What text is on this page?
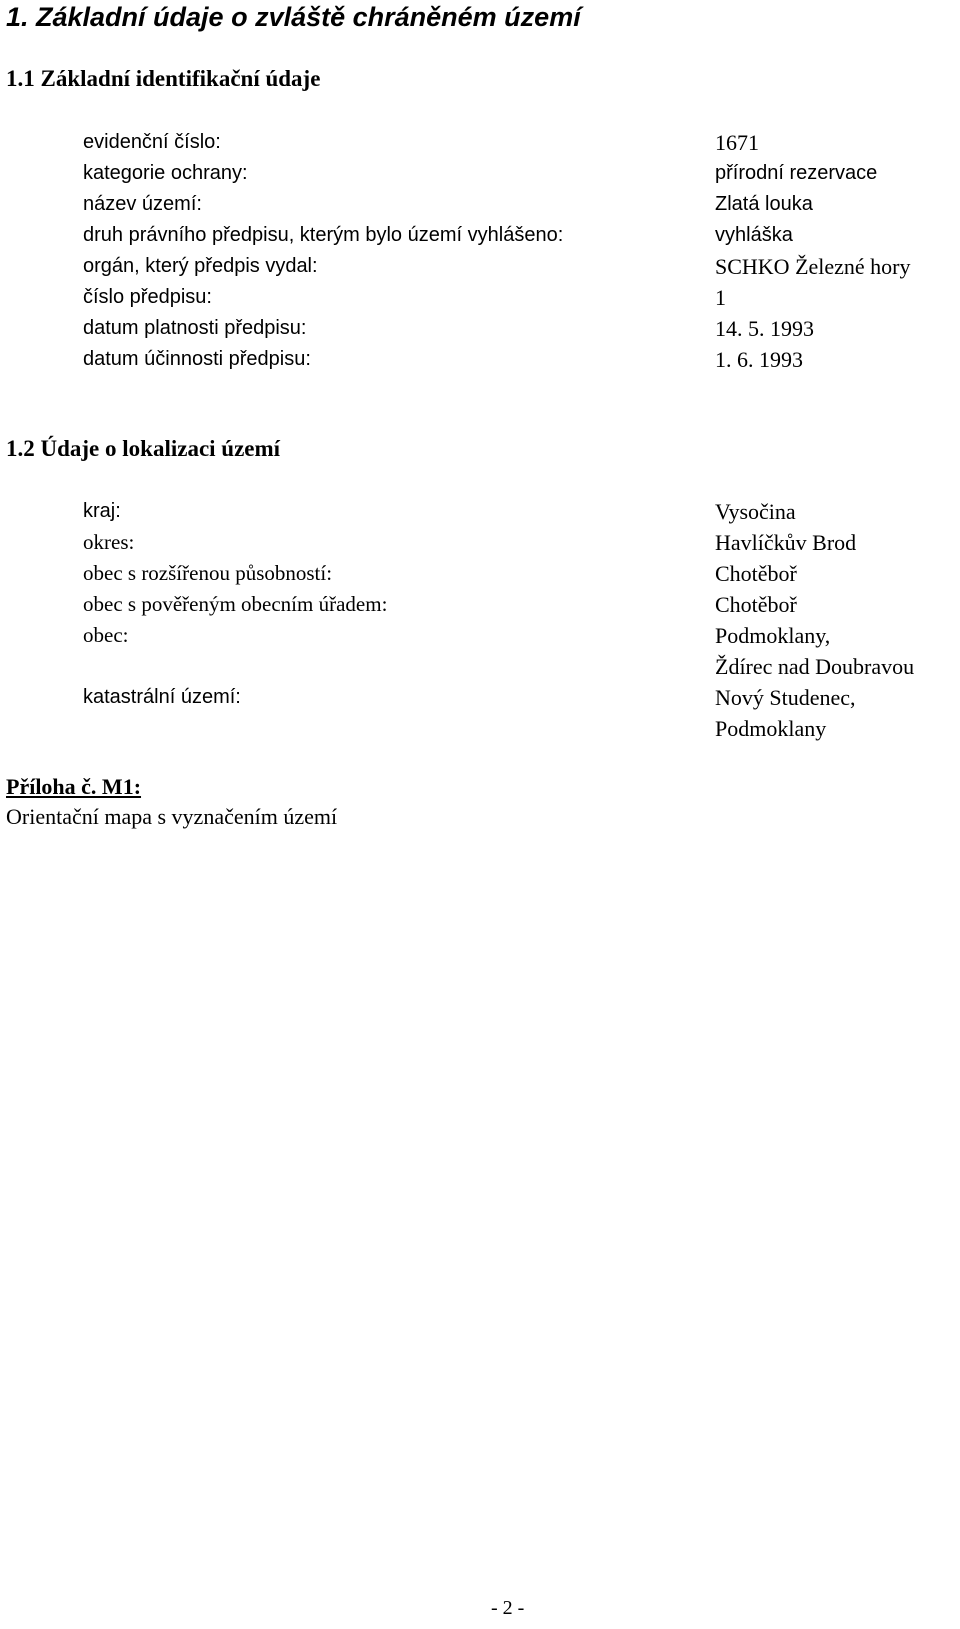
1. Základní údaje o zvláště chráněném území
1.1 Základní identifikační údaje
evidenční číslo:	1671
kategorie ochrany:	přírodní rezervace
název území:	Zlatá louka
druh právního předpisu, kterým bylo území vyhlášeno:	vyhláška
orgán, který předpis vydal:	SCHKO Železné hory
číslo předpisu:	1
datum platnosti předpisu:	14. 5. 1993
datum účinnosti předpisu:	1. 6. 1993
1.2 Údaje o lokalizaci území
kraj:	Vysočina
okres:	Havlíčkův Brod
obec s rozšířenou působností:	Chotěboř
obec s pověřeným obecním úřadem:	Chotěboř
obec:	Podmoklany,
Ždírec nad Doubravou
katastrální území:	Nový Studenec,
Podmoklany
Příloha č. M1:
Orientační mapa s vyznačením území
- 2 -
